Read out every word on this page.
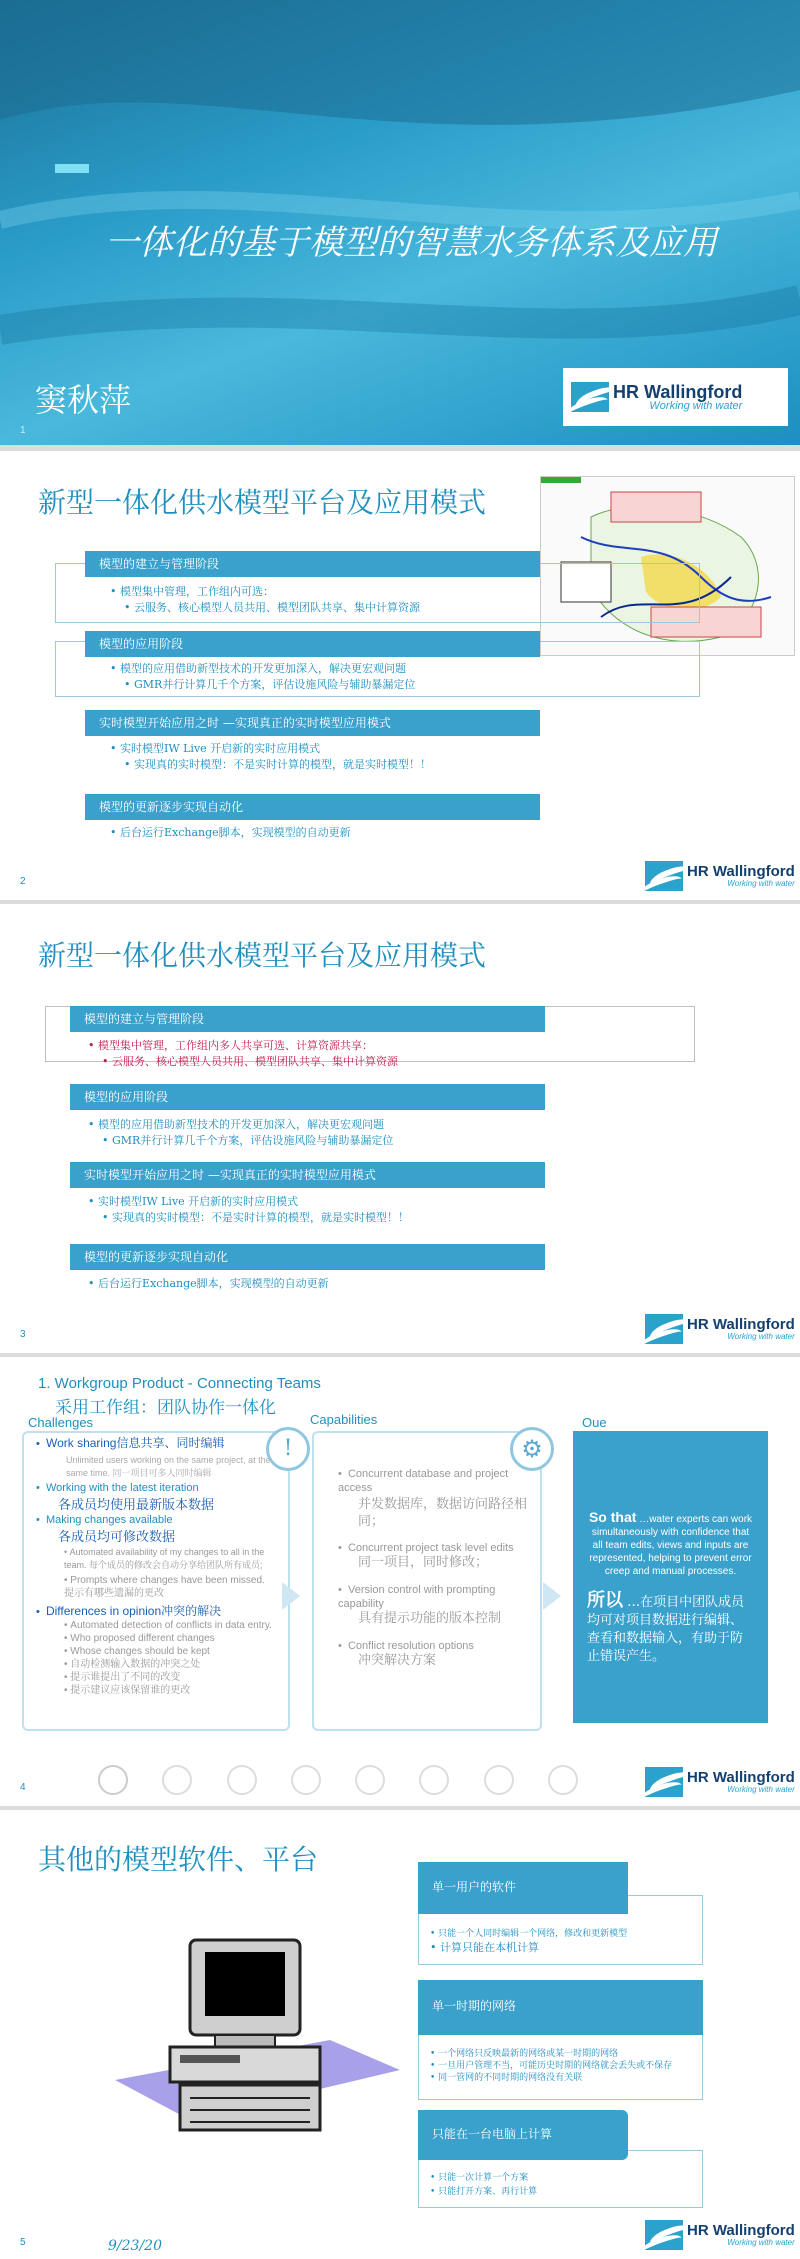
一体化的基于模型的智慧水务体系及应用
窦秋萍
1
HR Wallingford
Working with water
新型一体化供水模型平台及应用模式
模型的建立与管理阶段
• 模型集中管理，工作组内可选：
• 云服务、核心模型人员共用、模型团队共享、集中计算资源
模型的应用阶段
• 模型的应用借助新型技术的开发更加深入，解决更宏观问题
• GMR并行计算几千个方案，评估设施风险与辅助暴漏定位
实时模型开始应用之时 —实现真正的实时模型应用模式
• 实时模型IW Live 开启新的实时应用模式
• 实现真的实时模型：不是实时计算的模型，就是实时模型！！
模型的更新逐步实现自动化
• 后台运行Exchange脚本，实现模型的自动更新
2
HR Wallingford
Working with water
新型一体化供水模型平台及应用模式
模型的建立与管理阶段
• 模型集中管理，工作组内多人共享可选、计算资源共享：
• 云服务、核心模型人员共用、模型团队共享、集中计算资源
模型的应用阶段
• 模型的应用借助新型技术的开发更加深入，解决更宏观问题
• GMR并行计算几千个方案，评估设施风险与辅助暴漏定位
实时模型开始应用之时 —实现真正的实时模型应用模式
• 实时模型IW Live 开启新的实时应用模式
• 实现真的实时模型：不是实时计算的模型，就是实时模型！！
模型的更新逐步实现自动化
• 后台运行Exchange脚本，实现模型的自动更新
3
HR Wallingford
Working with water
1. Workgroup Product - Connecting Teams
采用工作组：团队协作一体化
Challenges	Capabilities	Oue
!	⚙
•  Work sharing信息共享、同时编辑
Unlimited users working on the same project, at the same time. 同一项目可多人同时编辑
•  Working with the latest iteration
各成员均使用最新版本数据
•  Making changes available
各成员均可修改数据
• Automated availability of my changes to all in the team. 每个成员的修改会自动分享给团队所有成员;
• Prompts where changes have been missed. 提示有哪些遗漏的更改
•  Differences in opinion冲突的解决
• Automated detection of conflicts in data entry.
• Who proposed different changes
• Whose changes should be kept
• 自动检测输入数据的冲突之处
• 提示谁提出了不同的改变
• 提示建议应该保留谁的更改
•  Concurrent database and project access
并发数据库，数据访问路径相同；
•  Concurrent project task level edits
同一项目，同时修改；
•  Version control with prompting capability
具有提示功能的版本控制
•  Conflict resolution options
冲突解决方案
So that …water experts can work simultaneously with confidence that all team edits, views and inputs are represented, helping to prevent error creep and manual processes.
所以 …在项目中团队成员均可对项目数据进行编辑、查看和数据输入，有助于防止错误产生。
4
HR Wallingford
Working with water
其他的模型软件、平台
单一用户的软件
• 只能一个人同时编辑一个网络，修改和更新模型
• 计算只能在本机计算
单一时期的网络
• 一个网络只反映最新的网络或某一时期的网络
• 一旦用户管理不当，可能历史时期的网络就会丢失或不保存
• 同一管网的不同时期的网络没有关联
只能在一台电脑上计算
• 只能一次计算一个方案
• 只能打开方案、再行计算
5	9/23/20
HR Wallingford
Working with water
